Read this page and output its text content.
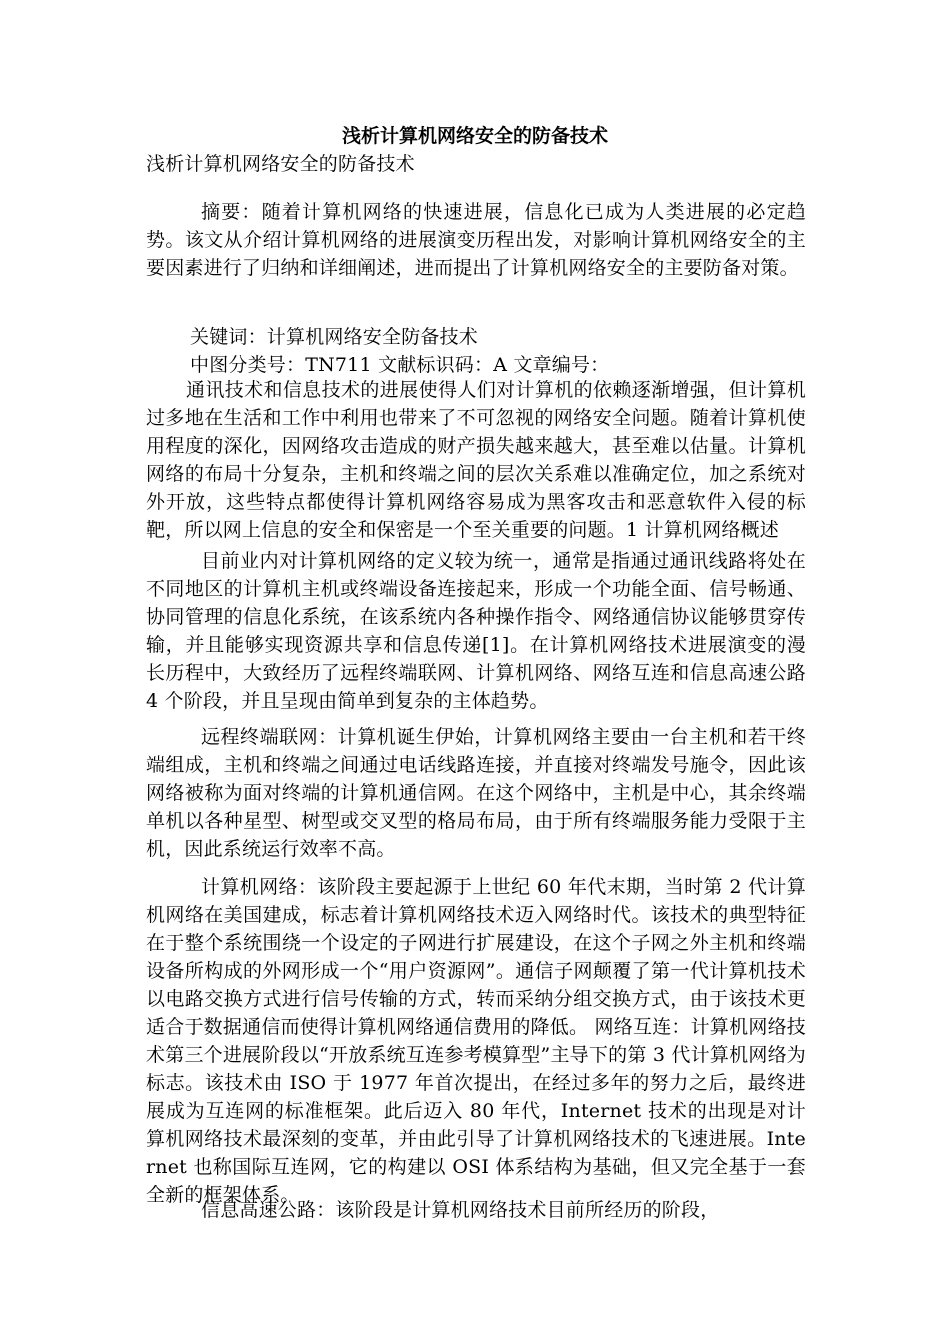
浅析计算机网络安全的防备技术
浅析计算机网络安全的防备技术
摘要：随着计算机网络的快速进展，信息化已成为人类进展的必定趋势。该文从介绍计算机网络的进展演变历程出发，对影响计算机网络安全的主要因素进行了归纳和详细阐述，进而提出了计算机网络安全的主要防备对策。
关键词：计算机网络安全防备技术
中图分类号：TN711 文献标识码：A 文章编号：
通讯技术和信息技术的进展使得人们对计算机的依赖逐渐增强，但计算机过多地在生活和工作中利用也带来了不可忽视的网络安全问题。随着计算机使用程度的深化，因网络攻击造成的财产损失越来越大，甚至难以估量。计算机网络的布局十分复杂，主机和终端之间的层次关系难以准确定位，加之系统对外开放，这些特点都使得计算机网络容易成为黑客攻击和恶意软件入侵的标靶，所以网上信息的安全和保密是一个至关重要的问题。1 计算机网络概述
目前业内对计算机网络的定义较为统一，通常是指通过通讯线路将处在不同地区的计算机主机或终端设备连接起来，形成一个功能全面、信号畅通、协同管理的信息化系统，在该系统内各种操作指令、网络通信协议能够贯穿传输，并且能够实现资源共享和信息传递[1]。在计算机网络技术进展演变的漫长历程中，大致经历了远程终端联网、计算机网络、网络互连和信息高速公路 4 个阶段，并且呈现由简单到复杂的主体趋势。
远程终端联网：计算机诞生伊始，计算机网络主要由一台主机和若干终端组成，主机和终端之间通过电话线路连接，并直接对终端发号施令，因此该网络被称为面对终端的计算机通信网。在这个网络中，主机是中心，其余终端单机以各种星型、树型或交叉型的格局布局，由于所有终端服务能力受限于主机，因此系统运行效率不高。
计算机网络：该阶段主要起源于上世纪 60 年代末期，当时第 2 代计算机网络在美国建成，标志着计算机网络技术迈入网络时代。该技术的典型特征在于整个系统围绕一个设定的子网进行扩展建设，在这个子网之外主机和终端设备所构成的外网形成一个“用户资源网”。通信子网颠覆了第一代计算机技术以电路交换方式进行信号传输的方式，转而采纳分组交换方式，由于该技术更适合于数据通信而使得计算机网络通信费用的降低。 网络互连：计算机网络技术第三个进展阶段以“开放系统互连参考模算型”主导下的第 3 代计算机网络为标志。该技术由 ISO 于 1977 年首次提出，在经过多年的努力之后，最终进展成为互连网的标准框架。此后迈入 80 年代，Internet 技术的出现是对计算机网络技术最深刻的变革，并由此引导了计算机网络技术的飞速进展。Internet 也称国际互连网，它的构建以 OSI 体系结构为基础，但又完全基于一套全新的框架体系。
信息高速公路：该阶段是计算机网络技术目前所经历的阶段，
